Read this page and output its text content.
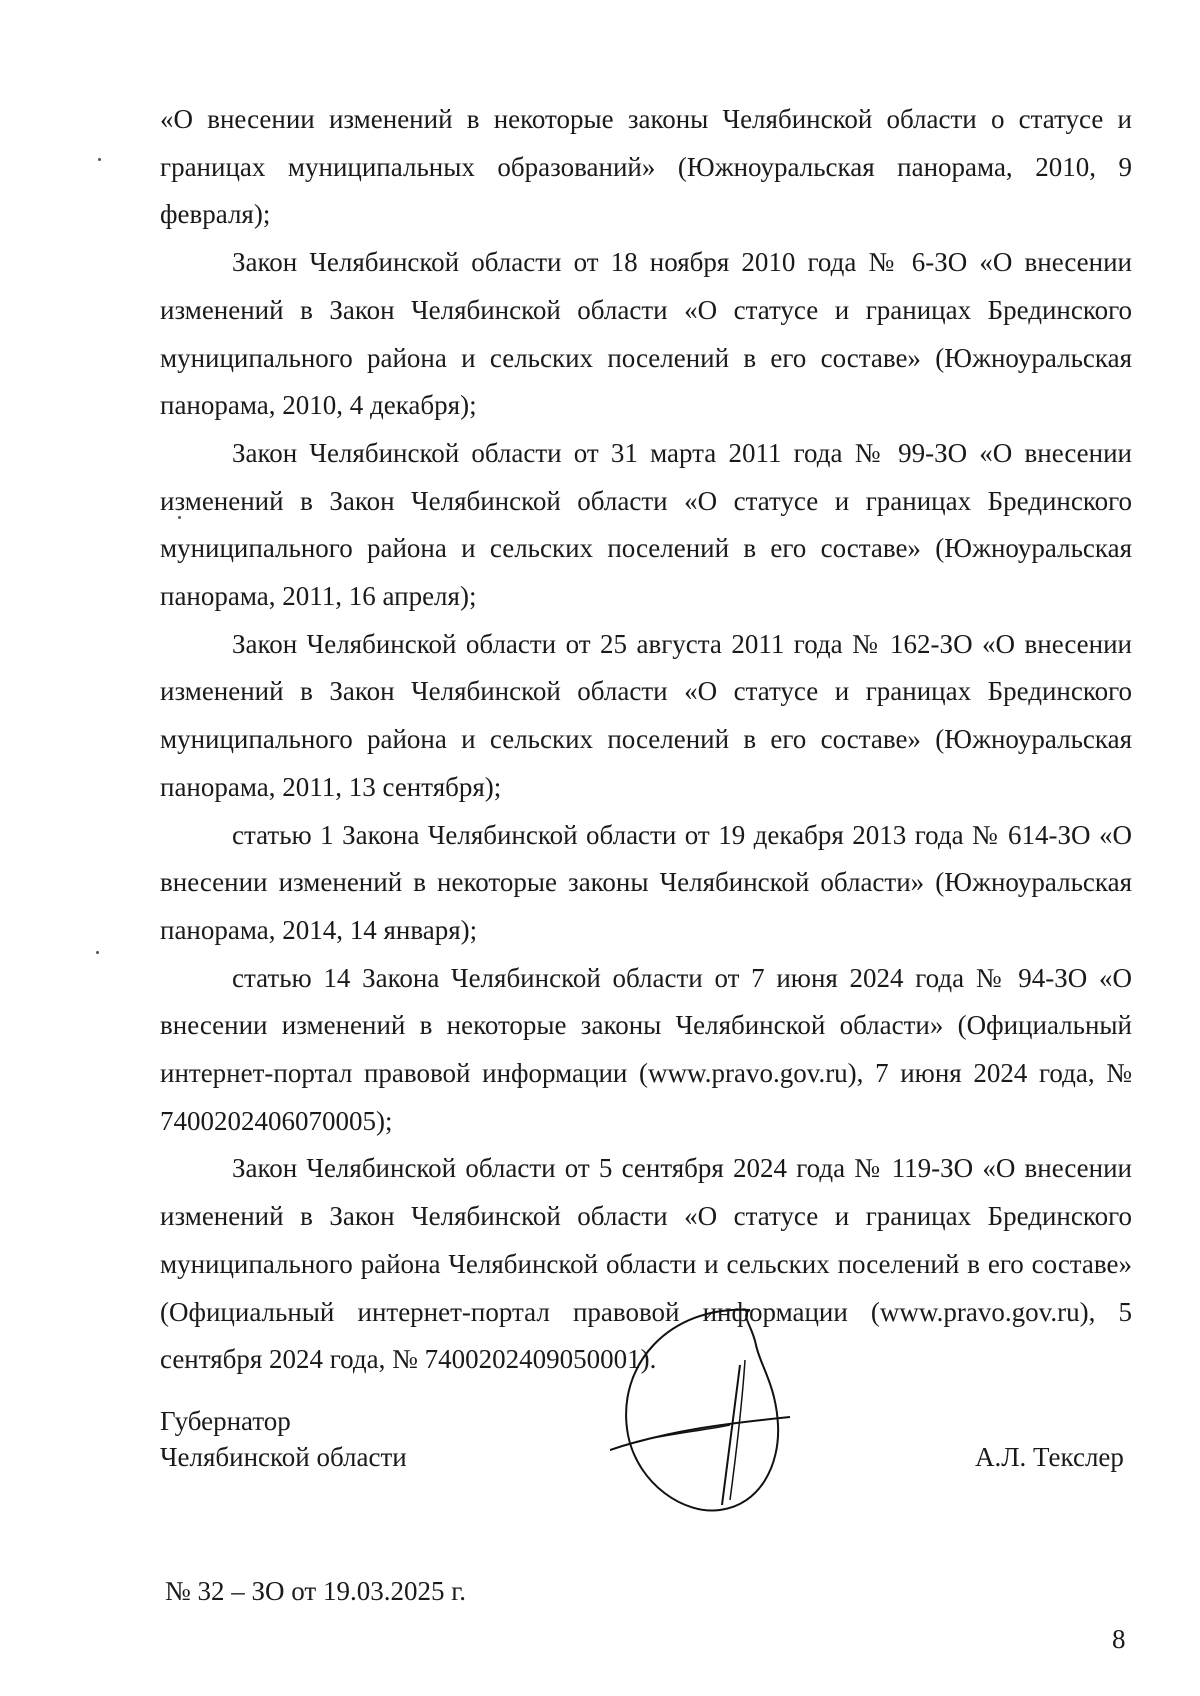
«О внесении изменений в некоторые законы Челябинской области о статусе и границах муниципальных образований» (Южноуральская панорама, 2010, 9 февраля);

Закон Челябинской области от 18 ноября 2010 года № 6-ЗО «О внесении изменений в Закон Челябинской области «О статусе и границах Брединского муниципального района и сельских поселений в его составе» (Южноуральская панорама, 2010, 4 декабря);

Закон Челябинской области от 31 марта 2011 года № 99-ЗО «О внесении изменений в Закон Челябинской области «О статусе и границах Брединского муниципального района и сельских поселений в его составе» (Южноуральская панорама, 2011, 16 апреля);

Закон Челябинской области от 25 августа 2011 года № 162-ЗО «О внесении изменений в Закон Челябинской области «О статусе и границах Брединского муниципального района и сельских поселений в его составе» (Южноуральская панорама, 2011, 13 сентября);

статью 1 Закона Челябинской области от 19 декабря 2013 года № 614-ЗО «О внесении изменений в некоторые законы Челябинской области» (Южноуральская панорама, 2014, 14 января);

статью 14 Закона Челябинской области от 7 июня 2024 года № 94-ЗО «О внесении изменений в некоторые законы Челябинской области» (Официальный интернет-портал правовой информации (www.pravo.gov.ru), 7 июня 2024 года, № 7400202406070005);

Закон Челябинской области от 5 сентября 2024 года № 119-ЗО «О внесении изменений в Закон Челябинской области «О статусе и границах Брединского муниципального района Челябинской области и сельских поселений в его составе» (Официальный интернет-портал правовой информации (www.pravo.gov.ru), 5 сентября 2024 года, № 7400202409050001).

Губернатор
Челябинской области	А.Л. Текслер
№ 32 – ЗО от 19.03.2025 г.
8
